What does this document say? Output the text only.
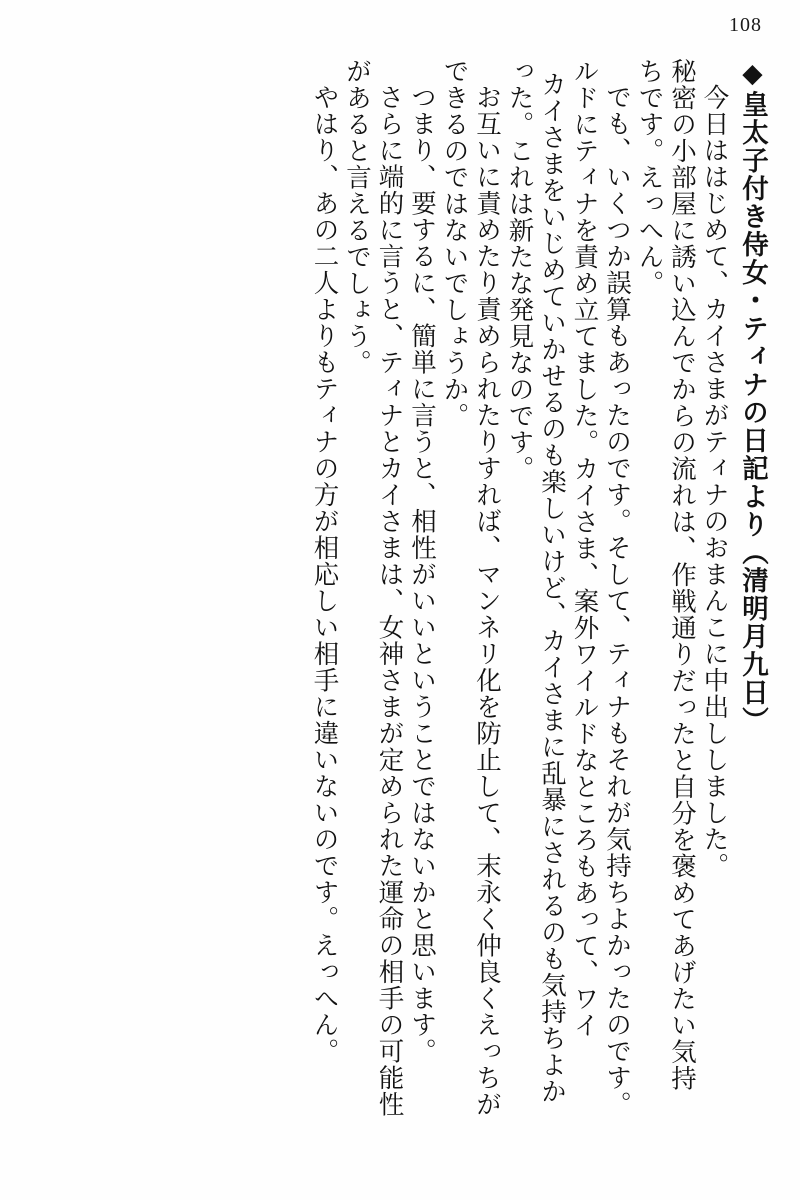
108
◆皇太子付き侍女・ティナの日記より（清明月九日）
今日ははじめて、カイさまがティナのおまんこに中出ししました。
秘密の小部屋に誘い込んでからの流れは、作戦通りだったと自分を褒めてあげたい気持
ちです。えっへん。
でも、いくつか誤算もあったのです。そして、ティナもそれが気持ちよかったのです。
ルドにティナを責め立てました。カイさま、案外ワイルドなところもあって、ワイ
カイさまをいじめていかせるのも楽しいけど、カイさまに乱暴にされるのも気持ちよか
った。これは新たな発見なのです。
お互いに責めたり責められたりすれば、マンネリ化を防止して、末永く仲良くえっちが
できるのではないでしょうか。
つまり、要するに、簡単に言うと、相性がいいということではないかと思います。
さらに端的に言うと、ティナとカイさまは、女神さまが定められた運命の相手の可能性
があると言えるでしょう。
やはり、あの二人よりもティナの方が相応しい相手に違いないのです。えっへん。
